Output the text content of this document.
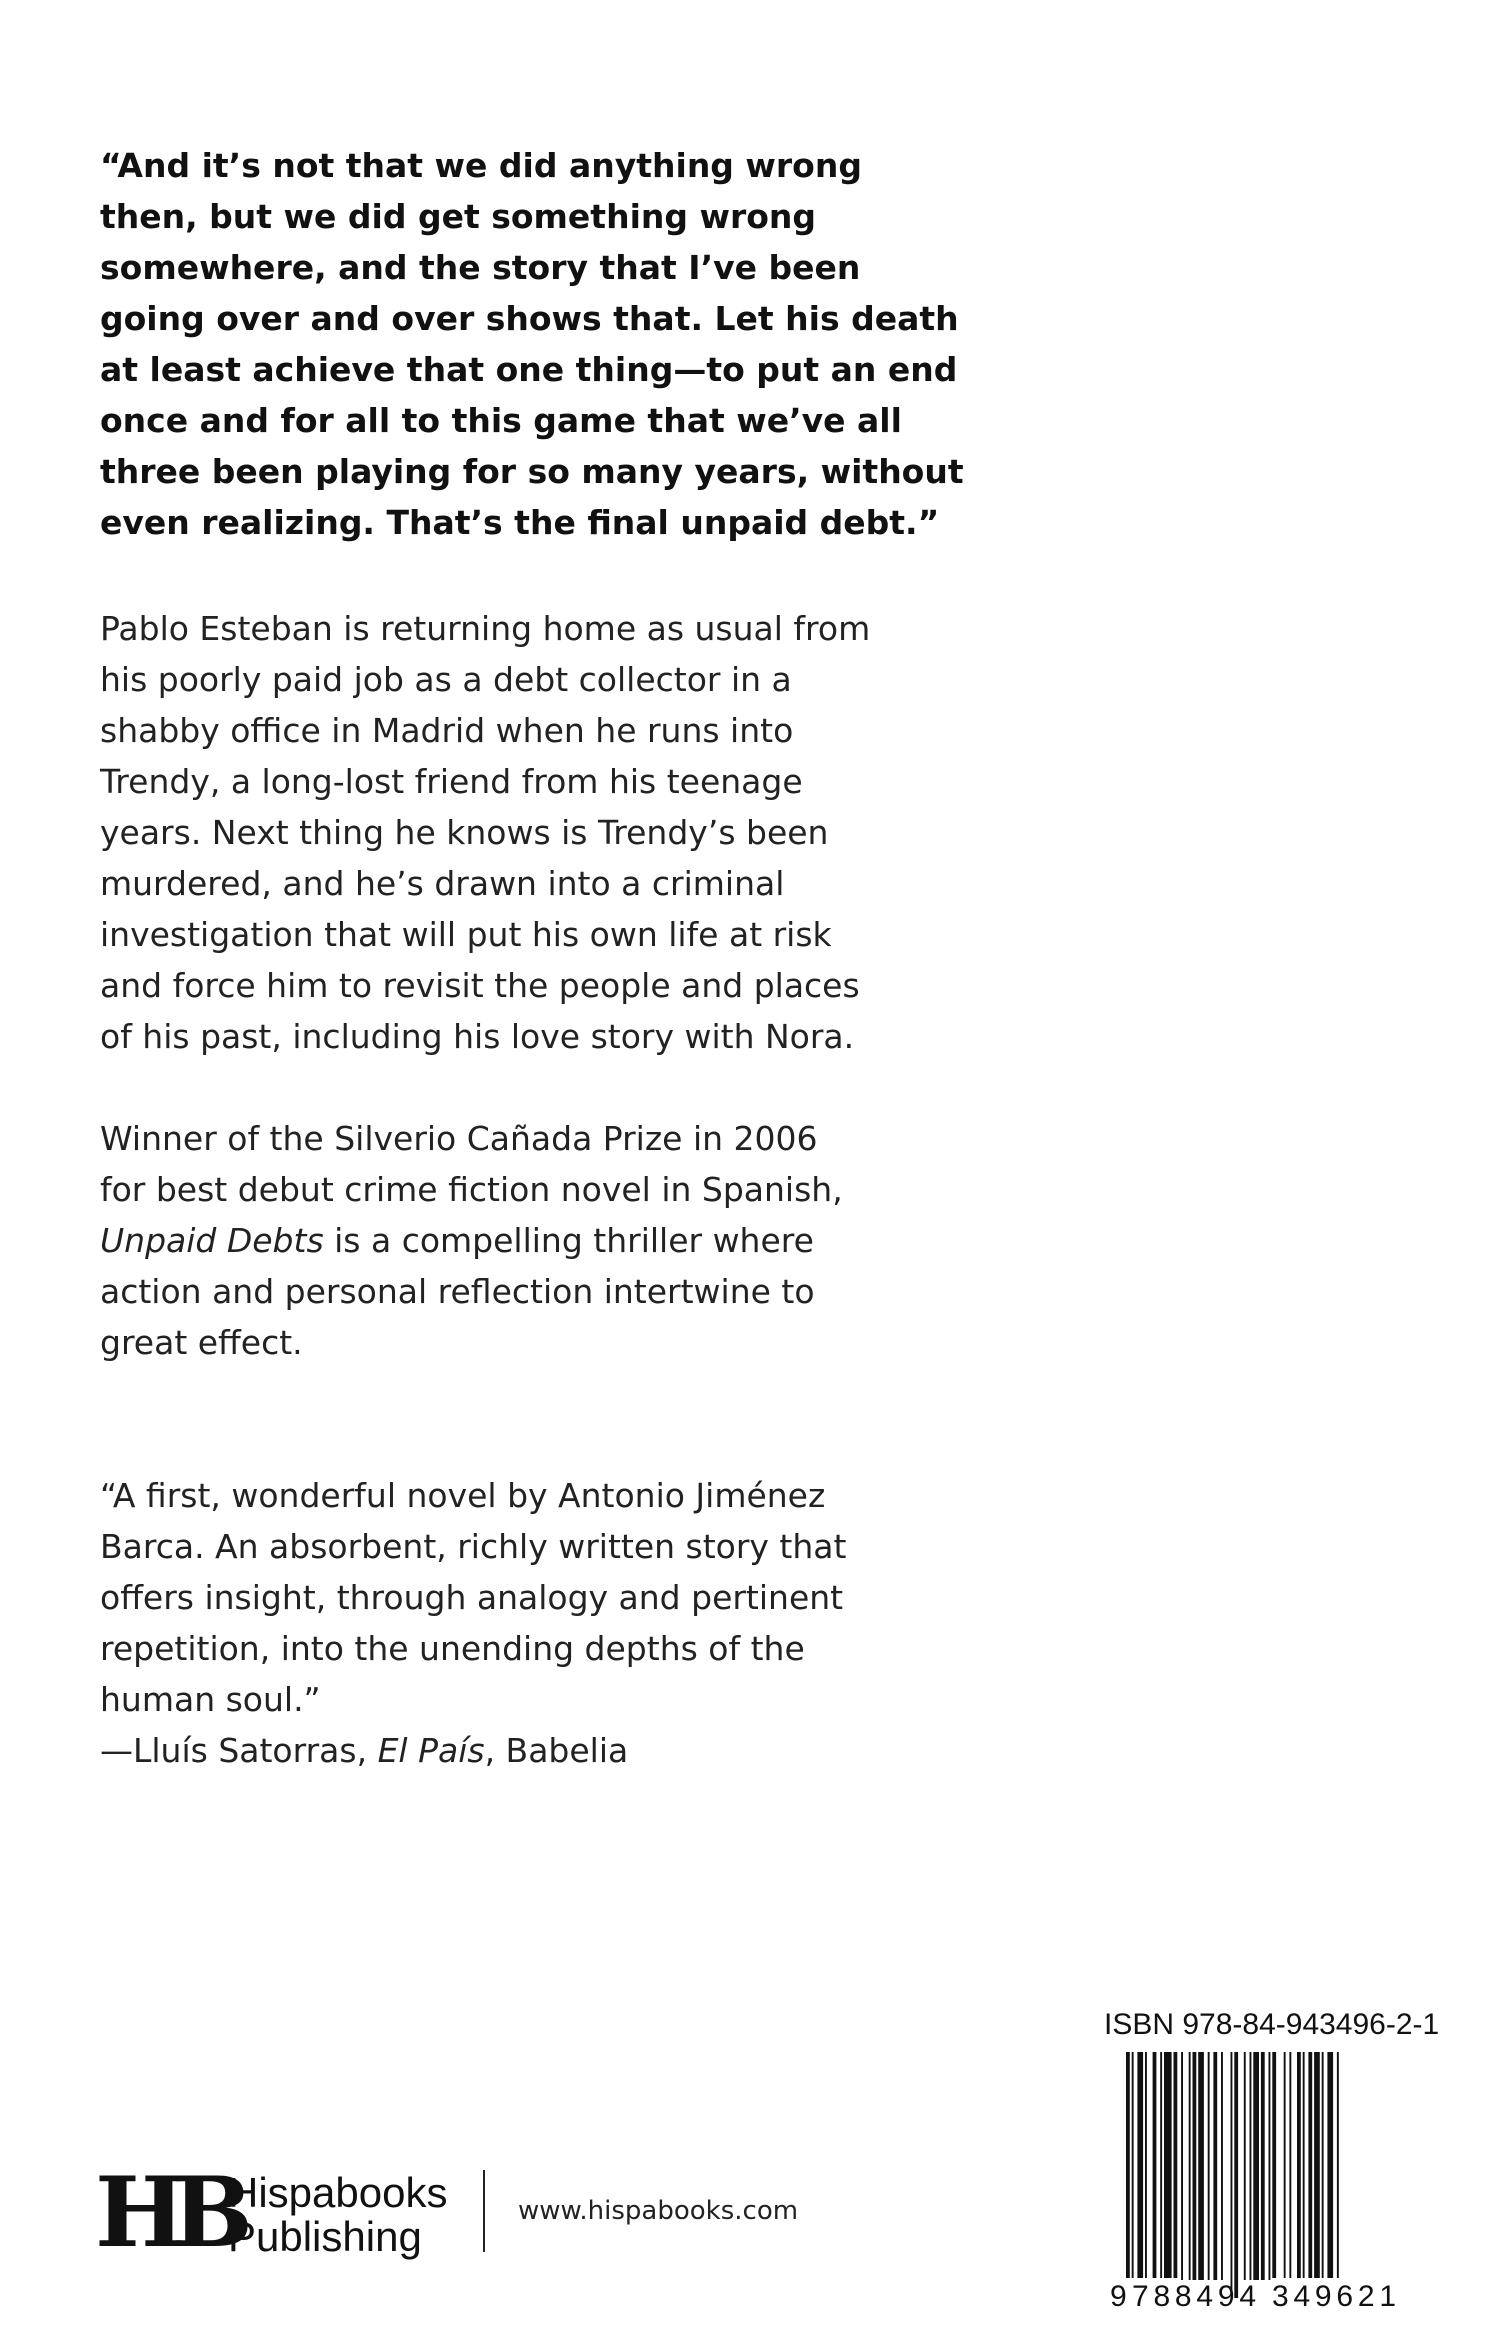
“And it’s not that we did anything wrong
then, but we did get something wrong
somewhere, and the story that I’ve been
going over and over shows that. Let his death
at least achieve that one thing—to put an end
once and for all to this game that we’ve all
three been playing for so many years, without
even realizing. That’s the final unpaid debt.”
Pablo Esteban is returning home as usual from
his poorly paid job as a debt collector in a
shabby office in Madrid when he runs into
Trendy, a long-lost friend from his teenage
years. Next thing he knows is Trendy’s been
murdered, and he’s drawn into a criminal
investigation that will put his own life at risk
and force him to revisit the people and places
of his past, including his love story with Nora.
Winner of the Silverio Cañada Prize in 2006
for best debut crime fiction novel in Spanish,
Unpaid Debts is a compelling thriller where
action and personal reflection intertwine to
great effect.
“A first, wonderful novel by Antonio Jiménez
Barca. An absorbent, richly written story that
offers insight, through analogy and pertinent
repetition, into the unending depths of the
human soul.”
—Lluís Satorras, El País, Babelia
ISBN 978-84-943496-2-1
9 788494 349621
HB
Hispabooks
Publishing
www.hispabooks.com
